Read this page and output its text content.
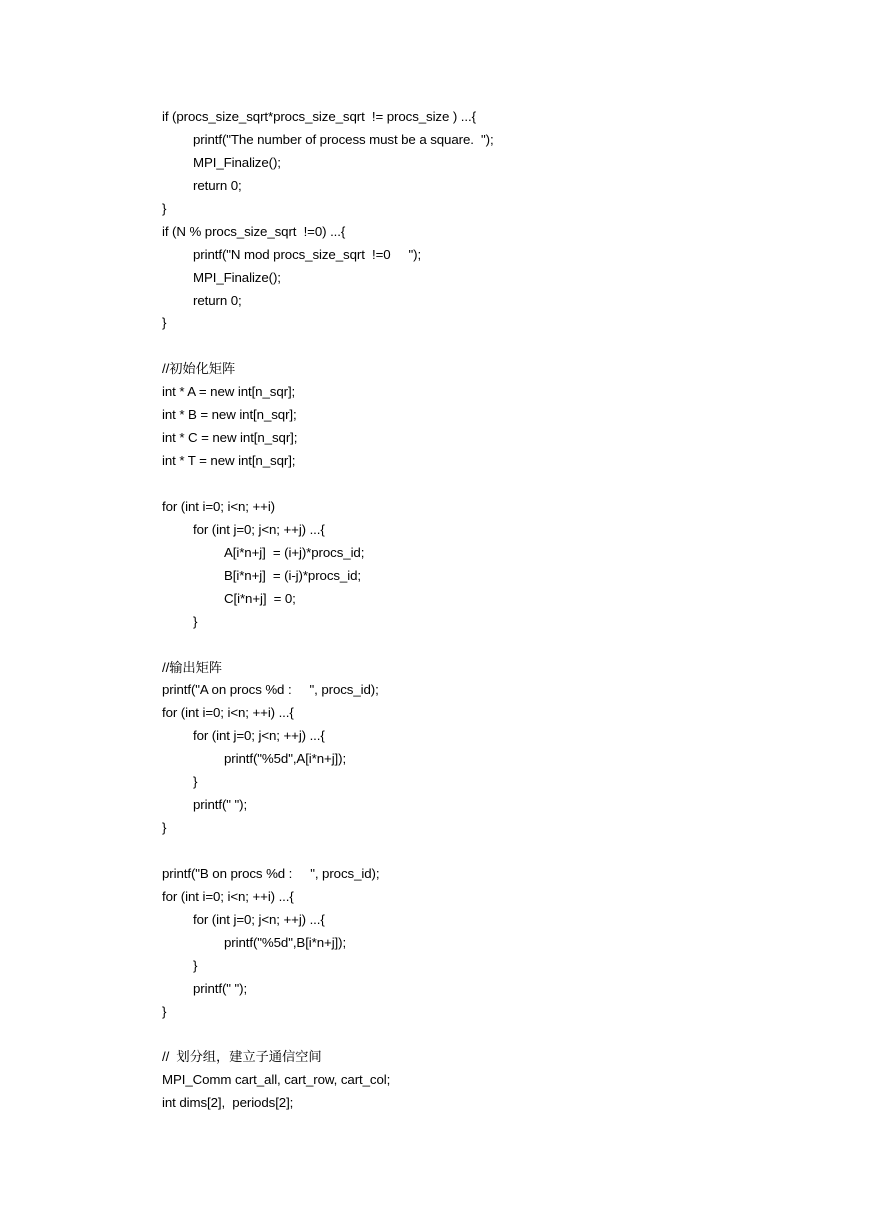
if (procs_size_sqrt*procs_size_sqrt  != procs_size ) ...{
printf("The number of process must be a square.  ");
MPI_Finalize();
return 0;
}
if (N % procs_size_sqrt  !=0) ...{
printf("N mod procs_size_sqrt  !=0     ");
MPI_Finalize();
return 0;
}
//初始化矩阵
int * A = new int[n_sqr];
int * B = new int[n_sqr];
int * C = new int[n_sqr];
int * T = new int[n_sqr];
for (int i=0; i<n; ++i)
for (int j=0; j<n; ++j) ...{
A[i*n+j]  = (i+j)*procs_id;
B[i*n+j]  = (i-j)*procs_id;
C[i*n+j]  = 0;
}
//输出矩阵
printf("A on procs %d :     ", procs_id);
for (int i=0; i<n; ++i) ...{
for (int j=0; j<n; ++j) ...{
printf("%5d",A[i*n+j]);
}
printf(" ");
}
printf("B on procs %d :     ", procs_id);
for (int i=0; i<n; ++i) ...{
for (int j=0; j<n; ++j) ...{
printf("%5d",B[i*n+j]);
}
printf(" ");
}
//  划分组，建立子通信空间
MPI_Comm cart_all, cart_row, cart_col;
int dims[2],  periods[2];
